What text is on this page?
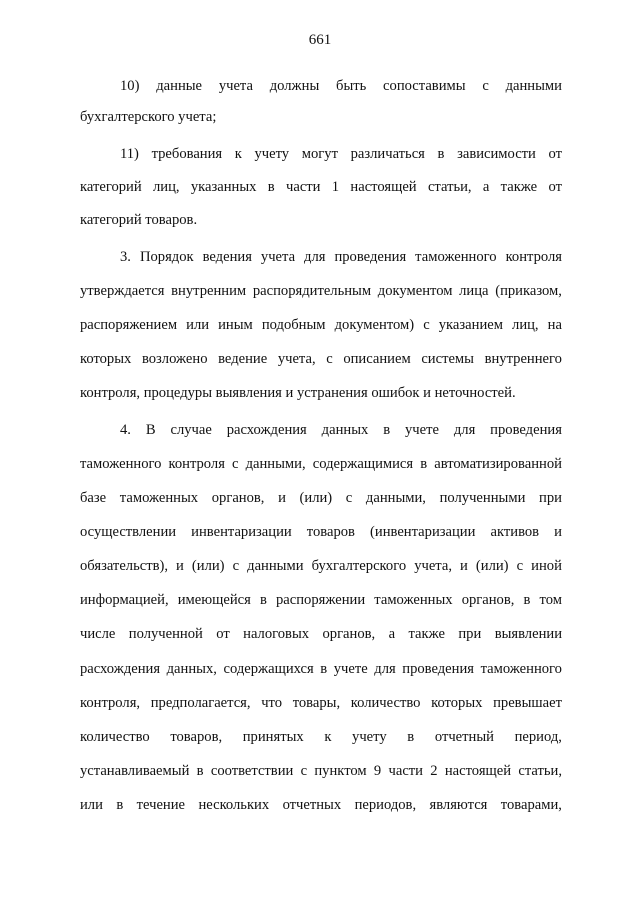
661
10) данные учета должны быть сопоставимы с данными
бухгалтерского учета;
11) требования к учету могут различаться в зависимости от
категорий лиц, указанных в части 1 настоящей статьи, а также от
категорий товаров.
3. Порядок ведения учета для проведения таможенного контроля
утверждается внутренним распорядительным документом лица (приказом,
распоряжением или иным подобным документом) с указанием лиц, на
которых возложено ведение учета, с описанием системы внутреннего
контроля, процедуры выявления и устранения ошибок и неточностей.
4. В случае расхождения данных в учете для проведения
таможенного контроля с данными, содержащимися в автоматизированной
базе таможенных органов, и (или) с данными, полученными при
осуществлении инвентаризации товаров (инвентаризации активов и
обязательств), и (или) с данными бухгалтерского учета, и (или) с иной
информацией, имеющейся в распоряжении таможенных органов, в том
числе полученной от налоговых органов, а также при выявлении
расхождения данных, содержащихся в учете для проведения таможенного
контроля, предполагается, что товары, количество которых превышает
количество товаров, принятых к учету в отчетный период,
устанавливаемый в соответствии с пунктом 9 части 2 настоящей статьи,
или в течение нескольких отчетных периодов, являются товарами,
